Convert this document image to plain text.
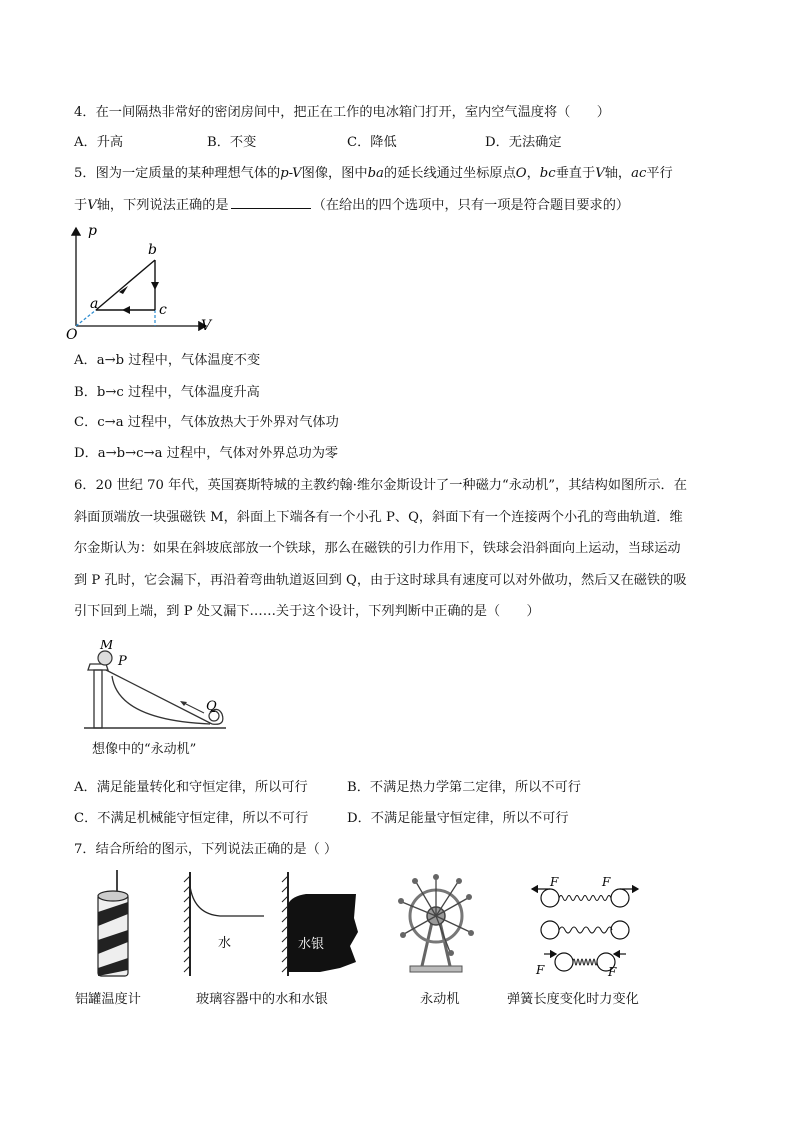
4．在一间隔热非常好的密闭房间中，把正在工作的电冰箱门打开，室内空气温度将（　　）
A．升高	B．不变	C．降低	D．无法确定
5．图为一定质量的某种理想气体的p-V图像，图中ba的延长线通过坐标原点O，bc垂直于V轴，ac平行
于V轴，下列说法正确的是	（在给出的四个选项中，只有一项是符合题目要求的）
p
V
O
b
a	c
A．a→b 过程中，气体温度不变
B．b→c 过程中，气体温度升高
C．c→a 过程中，气体放热大于外界对气体功
D．a→b→c→a 过程中，气体对外界总功为零
6．20 世纪 70 年代，英国赛斯特城的主教约翰·维尔金斯设计了一种磁力“永动机”，其结构如图所示．在
斜面顶端放一块强磁铁 M，斜面上下端各有一个小孔 P、Q，斜面下有一个连接两个小孔的弯曲轨道．维
尔金斯认为：如果在斜坡底部放一个铁球，那么在磁铁的引力作用下，铁球会沿斜面向上运动，当球运动
到 P 孔时，它会漏下，再沿着弯曲轨道返回到 Q，由于这时球具有速度可以对外做功，然后又在磁铁的吸
引下回到上端，到 P 处又漏下……关于这个设计，下列判断中正确的是（　　）
M
P
Q
想像中的“永动机”
A．满足能量转化和守恒定律，所以可行	B．不满足热力学第二定律，所以不可行
C．不满足机械能守恒定律，所以不可行	D．不满足能量守恒定律，所以不可行
7．结合所给的图示，下列说法正确的是（ ）
铝罐温度计
水	水银
玻璃容器中的水和水银	永动机
F	F
F	F
弹簧长度变化时力变化
